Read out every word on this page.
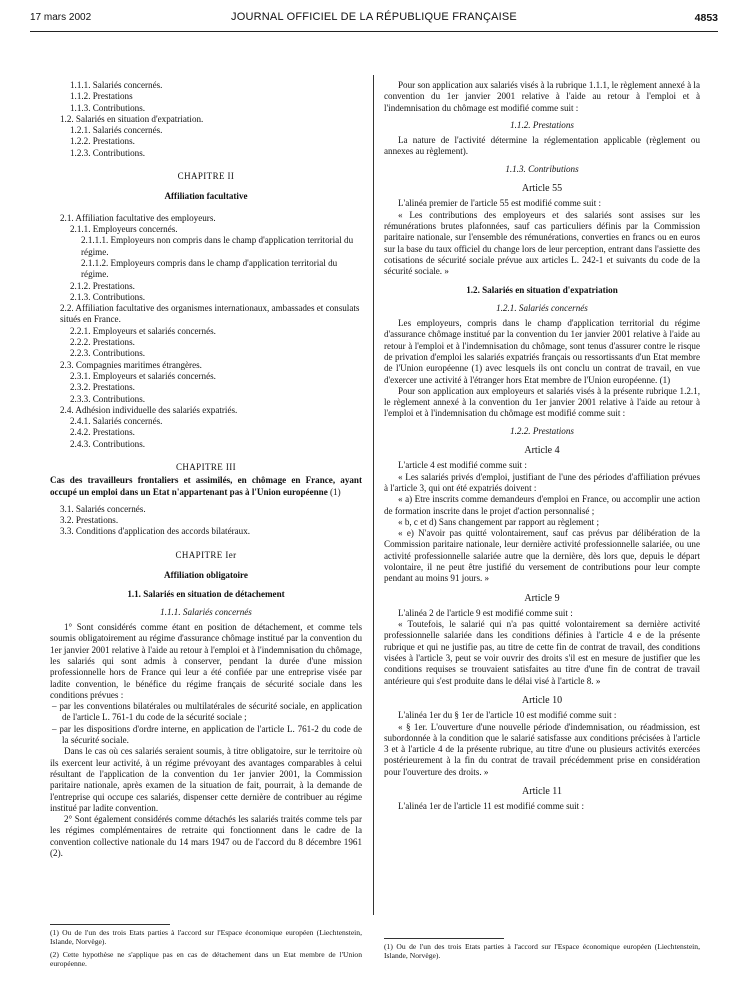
17 mars 2002	JOURNAL OFFICIEL DE LA RÉPUBLIQUE FRANÇAISE	4853

1.1.1. Salariés concernés.

1.1.2. Prestations

1.1.3. Contributions.

1.2. Salariés en situation d'expatriation.

1.2.1. Salariés concernés.

1.2.2. Prestations.

1.2.3. Contributions.

CHAPITRE II

Affiliation facultative

2.1. Affiliation facultative des employeurs.

2.1.1. Employeurs concernés.

2.1.1.1. Employeurs non compris dans le champ d'application territorial du régime.

2.1.1.2. Employeurs compris dans le champ d'application territorial du régime.

2.1.2. Prestations.

2.1.3. Contributions.

2.2. Affiliation facultative des organismes internationaux, ambassades et consulats situés en France.

2.2.1. Employeurs et salariés concernés.

2.2.2. Prestations.

2.2.3. Contributions.

2.3. Compagnies maritimes étrangères.

2.3.1. Employeurs et salariés concernés.

2.3.2. Prestations.

2.3.3. Contributions.

2.4. Adhésion individuelle des salariés expatriés.

2.4.1. Salariés concernés.

2.4.2. Prestations.

2.4.3. Contributions.

CHAPITRE III

Cas des travailleurs frontaliers et assimilés, en chômage en France, ayant occupé un emploi dans un Etat n'appartenant pas à l'Union européenne (1)

3.1. Salariés concernés.

3.2. Prestations.

3.3. Conditions d'application des accords bilatéraux.

CHAPITRE Ier

Affiliation obligatoire

1.1. Salariés en situation de détachement

1.1.1. Salariés concernés

1° Sont considérés comme étant en position de détachement, et comme tels soumis obligatoirement au régime d'assurance chômage institué par la convention du 1er janvier 2001 relative à l'aide au retour à l'emploi et à l'indemnisation du chômage, les salariés qui sont admis à conserver, pendant la durée d'une mission professionnelle hors de France qui leur a été confiée par une entreprise visée par ladite convention, le bénéfice du régime français de sécurité sociale dans les conditions prévues :

– par les conventions bilatérales ou multilatérales de sécurité sociale, en application de l'article L. 761-1 du code de la sécurité sociale ;

– par les dispositions d'ordre interne, en application de l'article L. 761-2 du code de la sécurité sociale.

Dans le cas où ces salariés seraient soumis, à titre obligatoire, sur le territoire où ils exercent leur activité, à un régime prévoyant des avantages comparables à celui résultant de l'application de la convention du 1er janvier 2001, la Commission paritaire nationale, après examen de la situation de fait, pourrait, à la demande de l'entreprise qui occupe ces salariés, dispenser cette dernière de contribuer au régime institué par ladite convention.

2° Sont également considérés comme détachés les salariés traités comme tels par les régimes complémentaires de retraite qui fonctionnent dans le cadre de la convention collective nationale du 14 mars 1947 ou de l'accord du 8 décembre 1961 (2).

(1) Ou de l'un des trois Etats parties à l'accord sur l'Espace économique européen (Liechtenstein, Islande, Norvège).

(2) Cette hypothèse ne s'applique pas en cas de détachement dans un Etat membre de l'Union européenne.

Pour son application aux salariés visés à la rubrique 1.1.1, le règlement annexé à la convention du 1er janvier 2001 relative à l'aide au retour à l'emploi et à l'indemnisation du chômage est modifié comme suit :

1.1.2. Prestations

La nature de l'activité détermine la réglementation applicable (règlement ou annexes au règlement).

1.1.3. Contributions

Article 55

L'alinéa premier de l'article 55 est modifié comme suit :

« Les contributions des employeurs et des salariés sont assises sur les rémunérations brutes plafonnées, sauf cas particuliers définis par la Commission paritaire nationale, sur l'ensemble des rémunérations, converties en francs ou en euros sur la base du taux officiel du change lors de leur perception, entrant dans l'assiette des cotisations de sécurité sociale prévue aux articles L. 242-1 et suivants du code de la sécurité sociale. »

1.2. Salariés en situation d'expatriation

1.2.1. Salariés concernés

Les employeurs, compris dans le champ d'application territorial du régime d'assurance chômage institué par la convention du 1er janvier 2001 relative à l'aide au retour à l'emploi et à l'indemnisation du chômage, sont tenus d'assurer contre le risque de privation d'emploi les salariés expatriés français ou ressortissants d'un Etat membre de l'Union européenne (1) avec lesquels ils ont conclu un contrat de travail, en vue d'exercer une activité à l'étranger hors Etat membre de l'Union européenne. (1)

Pour son application aux employeurs et salariés visés à la présente rubrique 1.2.1, le règlement annexé à la convention du 1er janvier 2001 relative à l'aide au retour à l'emploi et à l'indemnisation du chômage est modifié comme suit :

1.2.2. Prestations

Article 4

L'article 4 est modifié comme suit :

« Les salariés privés d'emploi, justifiant de l'une des périodes d'affiliation prévues à l'article 3, qui ont été expatriés doivent :

« a) Etre inscrits comme demandeurs d'emploi en France, ou accomplir une action de formation inscrite dans le projet d'action personnalisé ;

« b, c et d) Sans changement par rapport au règlement ;

« e) N'avoir pas quitté volontairement, sauf cas prévus par délibération de la Commission paritaire nationale, leur dernière activité professionnelle salariée, ou une activité professionnelle salariée autre que la dernière, dès lors que, depuis le départ volontaire, il ne peut être justifié du versement de contributions pour leur compte pendant au moins 91 jours. »

Article 9

L'alinéa 2 de l'article 9 est modifié comme suit :

« Toutefois, le salarié qui n'a pas quitté volontairement sa dernière activité professionnelle salariée dans les conditions définies à l'article 4 e de la présente rubrique et qui ne justifie pas, au titre de cette fin de contrat de travail, des conditions visées à l'article 3, peut se voir ouvrir des droits s'il est en mesure de justifier que les conditions requises se trouvaient satisfaites au titre d'une fin de contrat de travail antérieure qui s'est produite dans le délai visé à l'article 8. »

Article 10

L'alinéa 1er du § 1er de l'article 10 est modifié comme suit :

« § 1er. L'ouverture d'une nouvelle période d'indemnisation, ou réadmission, est subordonnée à la condition que le salarié satisfasse aux conditions précisées à l'article 3 et à l'article 4 de la présente rubrique, au titre d'une ou plusieurs activités exercées postérieurement à la fin du contrat de travail précédemment prise en considération pour l'ouverture des droits. »

Article 11

L'alinéa 1er de l'article 11 est modifié comme suit :

(1) Ou de l'un des trois Etats parties à l'accord sur l'Espace économique européen (Liechtenstein, Islande, Norvège).
